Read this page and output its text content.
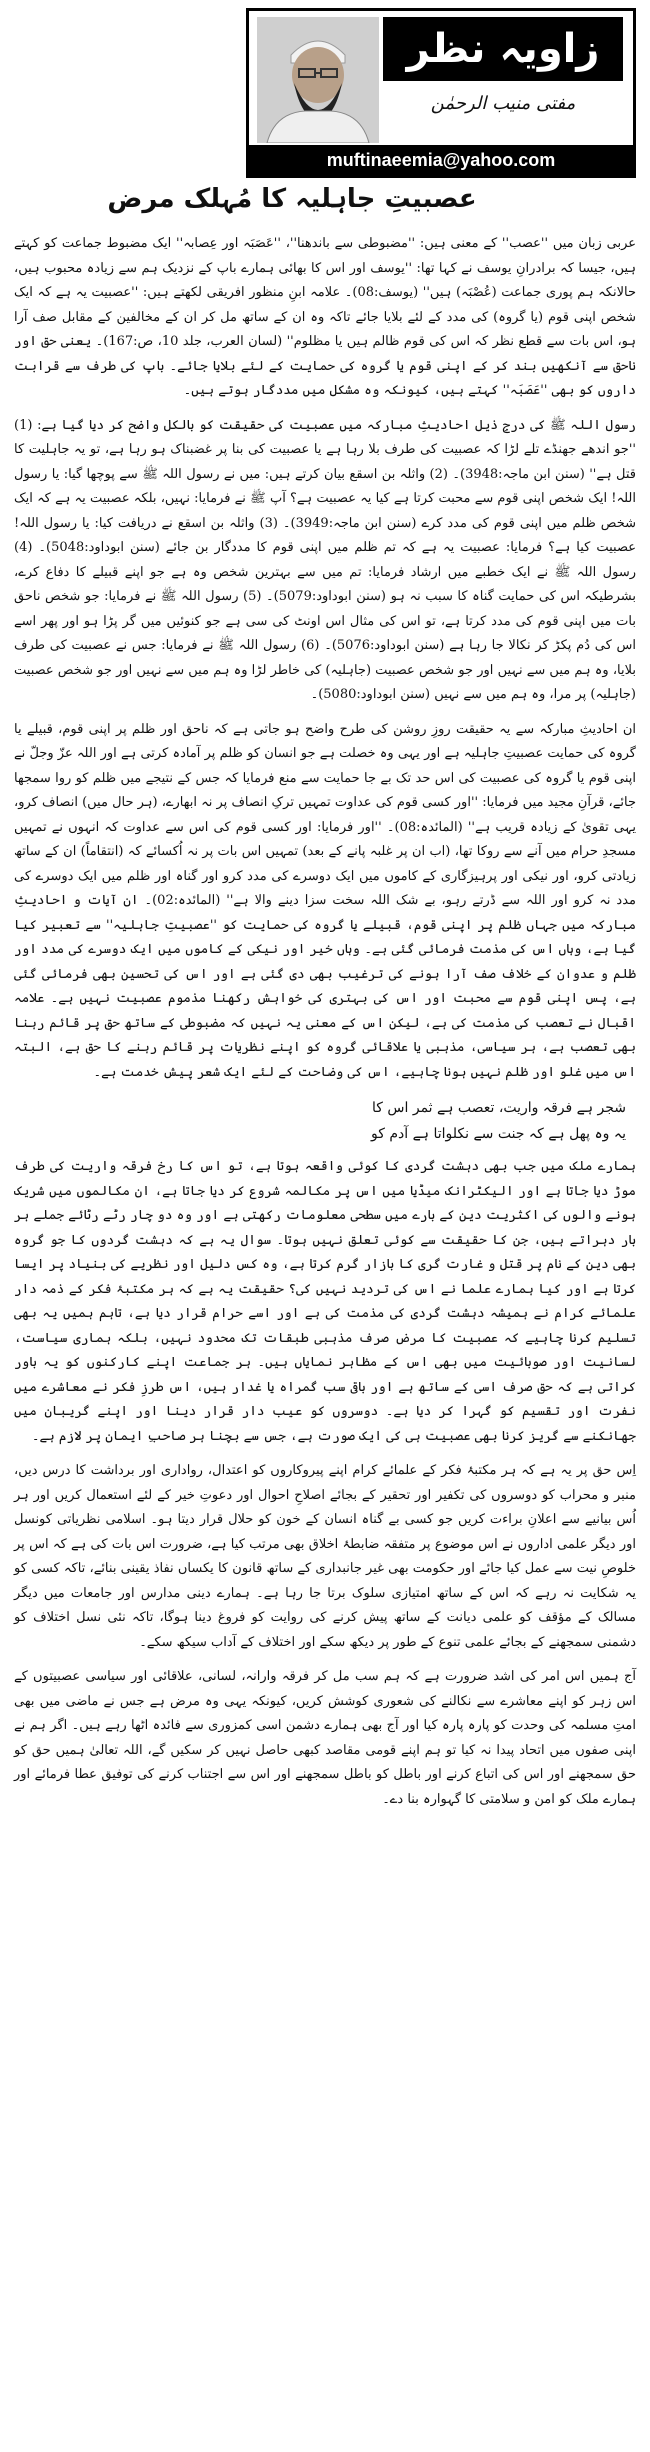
زاویہ نظر
مفتی منیب الرحمٰن
muftinaeemia@yahoo.com
عصبیتِ جاہلیہ کا مُہلک مرض

عربی زبان میں ''عصب'' کے معنی ہیں: ''مضبوطی سے باندھنا''، ''عَصَبَہ اور عِصابہ'' ایک مضبوط جماعت کو کہتے ہیں، جیسا کہ برادرانِ یوسف نے کہا تھا: ''یوسف اور اس کا بھائی ہمارے باپ کے نزدیک ہم سے زیادہ محبوب ہیں، حالانکہ ہم پوری جماعت (عُصْبَہ) ہیں'' (یوسف:08)۔ علامہ ابنِ منظور افریقی لکھتے ہیں: ''عصبیت یہ ہے کہ ایک شخص اپنی قوم (یا گروہ) کی مدد کے لئے بلایا جائے تاکہ وہ ان کے ساتھ مل کر ان کے مخالفین کے مقابل صف آرا ہو، اس بات سے قطع نظر کہ اس کی قوم ظالم ہیں یا مظلوم'' (لسان العرب، جلد 10، ص:167)۔ یعنی حق اور ناحق سے آنکھیں بند کر کے اپنی قوم یا گروہ کی حمایت کے لئے بلایا جائے۔ باپ کی طرف سے قرابت داروں کو بھی ''عَصَبَہ'' کہتے ہیں، کیونکہ وہ مشکل میں مددگار ہوتے ہیں۔

رسول اللہ ﷺ کی درجِ ذیل احادیثِ مبارکہ میں عصبیت کی حقیقت کو بالکل واضح کر دیا گیا ہے: (1) ''جو اندھے جھنڈے تلے لڑا کہ عصبیت کی طرف بلا رہا ہے یا عصبیت کی بنا پر غضبناک ہو رہا ہے، تو یہ جاہلیت کا قتل ہے'' (سنن ابن ماجہ:3948)۔ (2) واثلہ بن اسقع بیان کرتے ہیں: میں نے رسول اللہ ﷺ سے پوچھا گیا: یا رسول اللہ! ایک شخص اپنی قوم سے محبت کرتا ہے کیا یہ عصبیت ہے؟ آپ ﷺ نے فرمایا: نہیں، بلکہ عصبیت یہ ہے کہ ایک شخص ظلم میں اپنی قوم کی مدد کرے (سنن ابن ماجہ:3949)۔ (3) واثلہ بن اسقع نے دریافت کیا: یا رسول اللہ! عصبیت کیا ہے؟ فرمایا: عصبیت یہ ہے کہ تم ظلم میں اپنی قوم کا مددگار بن جائے (سنن ابوداود:5048)۔ (4) رسول اللہ ﷺ نے ایک خطبے میں ارشاد فرمایا: تم میں سے بہترین شخص وہ ہے جو اپنے قبیلے کا دفاع کرے، بشرطیکہ اس کی حمایت گناہ کا سبب نہ ہو (سنن ابوداود:5079)۔ (5) رسول اللہ ﷺ نے فرمایا: جو شخص ناحق بات میں اپنی قوم کی مدد کرتا ہے، تو اس کی مثال اس اونٹ کی سی ہے جو کنوئیں میں گر پڑا ہو اور پھر اسے اس کی دُم پکڑ کر نکالا جا رہا ہے (سنن ابوداود:5076)۔ (6) رسول اللہ ﷺ نے فرمایا: جس نے عصبیت کی طرف بلایا، وہ ہم میں سے نہیں اور جو شخص عصبیت (جاہلیہ) کی خاطر لڑا وہ ہم میں سے نہیں اور جو شخص عصبیت (جاہلیہ) پر مرا، وہ ہم میں سے نہیں (سنن ابوداود:5080)۔

ان احادیثِ مبارکہ سے یہ حقیقت روزِ روشن کی طرح واضح ہو جاتی ہے کہ ناحق اور ظلم پر اپنی قوم، قبیلے یا گروہ کی حمایت عصبیتِ جاہلیہ ہے اور یہی وہ خصلت ہے جو انسان کو ظلم پر آمادہ کرتی ہے اور اللہ عزّ وجلّ نے اپنی قوم یا گروہ کی عصبیت کی اس حد تک بے جا حمایت سے منع فرمایا کہ جس کے نتیجے میں ظلم کو روا سمجھا جائے، قرآنِ مجید میں فرمایا: ''اور کسی قوم کی عداوت تمہیں ترکِ انصاف پر نہ ابھارے، (ہر حال میں) انصاف کرو، یہی تقویٰ کے زیادہ قریب ہے'' (المائدہ:08)۔ ''اور فرمایا: اور کسی قوم کی اس سے عداوت کہ انہوں نے تمہیں مسجدِ حرام میں آنے سے روکا تھا، (اب ان پر غلبہ پانے کے بعد) تمہیں اس بات پر نہ اُکسائے کہ (انتقاماً) ان کے ساتھ زیادتی کرو، اور نیکی اور پرہیزگاری کے کاموں میں ایک دوسرے کی مدد کرو اور گناہ اور ظلم میں ایک دوسرے کی مدد نہ کرو اور اللہ سے ڈرتے رہو، بے شک اللہ سخت سزا دینے والا ہے'' (المائدہ:02)۔ ان آیات و احادیثِ مبارکہ میں جہاں ظلم پر اپنی قوم، قبیلے یا گروہ کی حمایت کو ''عصبیتِ جاہلیہ'' سے تعبیر کیا گیا ہے، وہاں اس کی مذمت فرمائی گئی ہے۔ وہاں خیر اور نیکی کے کاموں میں ایک دوسرے کی مدد اور ظلم و عدوان کے خلاف صف آرا ہونے کی ترغیب بھی دی گئی ہے اور اس کی تحسین بھی فرمائی گئی ہے، پس اپنی قوم سے محبت اور اس کی بہتری کی خواہش رکھنا مذموم عصبیت نہیں ہے۔ علامہ اقبال نے تعصب کی مذمت کی ہے، لیکن اس کے معنی یہ نہیں کہ مضبوطی کے ساتھ حق پر قائم رہنا بھی تعصب ہے، ہر سیاسی، مذہبی یا علاقائی گروہ کو اپنے نظریات پر قائم رہنے کا حق ہے، البتہ اس میں غلو اور ظلم نہیں ہونا چاہیے، اس کی وضاحت کے لئے ایک شعر پیش خدمت ہے۔

شجر ہے فرقہ واریت، تعصب ہے ثمر اس کا
یہ وہ پھل ہے کہ جنت سے نکلواتا ہے آدم کو

ہمارے ملک میں جب بھی دہشت گردی کا کوئی واقعہ ہوتا ہے، تو اس کا رخ فرقہ واریت کی طرف موڑ دیا جاتا ہے اور الیکٹرانک میڈیا میں اس پر مکالمہ شروع کر دیا جاتا ہے، ان مکالموں میں شریک ہونے والوں کی اکثریت دین کے بارے میں سطحی معلومات رکھتی ہے اور وہ دو چار رٹے رٹائے جملے ہر بار دہراتے ہیں، جن کا حقیقت سے کوئی تعلق نہیں ہوتا۔ سوال یہ ہے کہ دہشت گردوں کا جو گروہ بھی دین کے نام پر قتل و غارت گری کا بازار گرم کرتا ہے، وہ کس دلیل اور نظریے کی بنیاد پر ایسا کرتا ہے اور کیا ہمارے علما نے اس کی تردید نہیں کی؟ حقیقت یہ ہے کہ ہر مکتبۂ فکر کے ذمہ دار علمائے کرام نے ہمیشہ دہشت گردی کی مذمت کی ہے اور اسے حرام قرار دیا ہے، تاہم ہمیں یہ بھی تسلیم کرنا چاہیے کہ عصبیت کا مرض صرف مذہبی طبقات تک محدود نہیں، بلکہ ہماری سیاست، لسانیت اور صوبائیت میں بھی اس کے مظاہر نمایاں ہیں۔ ہر جماعت اپنے کارکنوں کو یہ باور کراتی ہے کہ حق صرف اسی کے ساتھ ہے اور باقی سب گمراہ یا غدار ہیں، اس طرزِ فکر نے معاشرے میں نفرت اور تقسیم کو گہرا کر دیا ہے۔ دوسروں کو عیب دار قرار دینا اور اپنے گریبان میں جھانکنے سے گریز کرنا بھی عصبیت ہی کی ایک صورت ہے، جس سے بچنا ہر صاحبِ ایمان پر لازم ہے۔

اِس حق پر یہ ہے کہ ہر مکتبۂ فکر کے علمائے کرام اپنے پیروکاروں کو اعتدال، رواداری اور برداشت کا درس دیں، منبر و محراب کو دوسروں کی تکفیر اور تحقیر کے بجائے اصلاحِ احوال اور دعوتِ خیر کے لئے استعمال کریں اور ہر اُس بیانیے سے اعلانِ براءت کریں جو کسی بے گناہ انسان کے خون کو حلال قرار دیتا ہو۔ اسلامی نظریاتی کونسل اور دیگر علمی اداروں نے اس موضوع پر متفقہ ضابطۂ اخلاق بھی مرتب کیا ہے، ضرورت اس بات کی ہے کہ اس پر خلوصِ نیت سے عمل کیا جائے اور حکومت بھی غیر جانبداری کے ساتھ قانون کا یکساں نفاذ یقینی بنائے، تاکہ کسی کو یہ شکایت نہ رہے کہ اس کے ساتھ امتیازی سلوک برتا جا رہا ہے۔ ہمارے دینی مدارس اور جامعات میں دیگر مسالک کے مؤقف کو علمی دیانت کے ساتھ پیش کرنے کی روایت کو فروغ دینا ہوگا، تاکہ نئی نسل اختلاف کو دشمنی سمجھنے کے بجائے علمی تنوع کے طور پر دیکھ سکے اور اختلاف کے آداب سیکھ سکے۔

آج ہمیں اس امر کی اشد ضرورت ہے کہ ہم سب مل کر فرقہ وارانہ، لسانی، علاقائی اور سیاسی عصبیتوں کے اس زہر کو اپنے معاشرے سے نکالنے کی شعوری کوشش کریں، کیونکہ یہی وہ مرض ہے جس نے ماضی میں بھی امتِ مسلمہ کی وحدت کو پارہ پارہ کیا اور آج بھی ہمارے دشمن اسی کمزوری سے فائدہ اٹھا رہے ہیں۔ اگر ہم نے اپنی صفوں میں اتحاد پیدا نہ کیا تو ہم اپنے قومی مقاصد کبھی حاصل نہیں کر سکیں گے، اللہ تعالیٰ ہمیں حق کو حق سمجھنے اور اس کی اتباع کرنے اور باطل کو باطل سمجھنے اور اس سے اجتناب کرنے کی توفیق عطا فرمائے اور ہمارے ملک کو امن و سلامتی کا گہوارہ بنا دے۔
